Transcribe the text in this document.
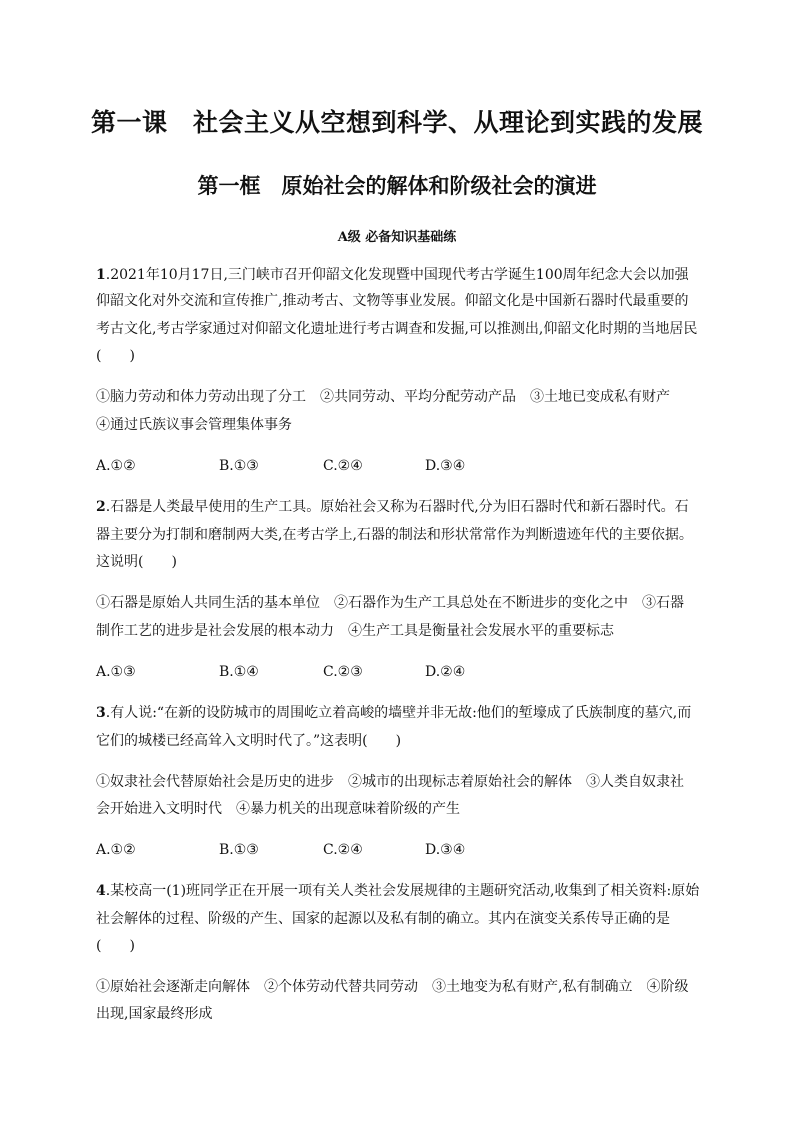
第一课　社会主义从空想到科学、从理论到实践的发展
第一框　原始社会的解体和阶级社会的演进
A级 必备知识基础练
1.2021年10月17日,三门峡市召开仰韶文化发现暨中国现代考古学诞生100周年纪念大会以加强
仰韶文化对外交流和宣传推广,推动考古、文物等事业发展。仰韶文化是中国新石器时代最重要的
考古文化,考古学家通过对仰韶文化遗址进行考古调查和发掘,可以推测出,仰韶文化时期的当地居民
(　　)
①脑力劳动和体力劳动出现了分工　②共同劳动、平均分配劳动产品　③土地已变成私有财产
④通过氏族议事会管理集体事务
A.①②	B.①③	C.②④	D.③④
2.石器是人类最早使用的生产工具。原始社会又称为石器时代,分为旧石器时代和新石器时代。石
器主要分为打制和磨制两大类,在考古学上,石器的制法和形状常常作为判断遗迹年代的主要依据。
这说明(　　)
①石器是原始人共同生活的基本单位　②石器作为生产工具总处在不断进步的变化之中　③石器
制作工艺的进步是社会发展的根本动力　④生产工具是衡量社会发展水平的重要标志
A.①③	B.①④	C.②③	D.②④
3.有人说:“在新的设防城市的周围屹立着高峻的墙壁并非无故:他们的堑壕成了氏族制度的墓穴,而
它们的城楼已经高耸入文明时代了。”这表明(　　)
①奴隶社会代替原始社会是历史的进步　②城市的出现标志着原始社会的解体　③人类自奴隶社
会开始进入文明时代　④暴力机关的出现意味着阶级的产生
A.①②	B.①③	C.②④	D.③④
4.某校高一(1)班同学正在开展一项有关人类社会发展规律的主题研究活动,收集到了相关资料:原始
社会解体的过程、阶级的产生、国家的起源以及私有制的确立。其内在演变关系传导正确的是
(　　)
①原始社会逐渐走向解体　②个体劳动代替共同劳动　③土地变为私有财产,私有制确立　④阶级
出现,国家最终形成
